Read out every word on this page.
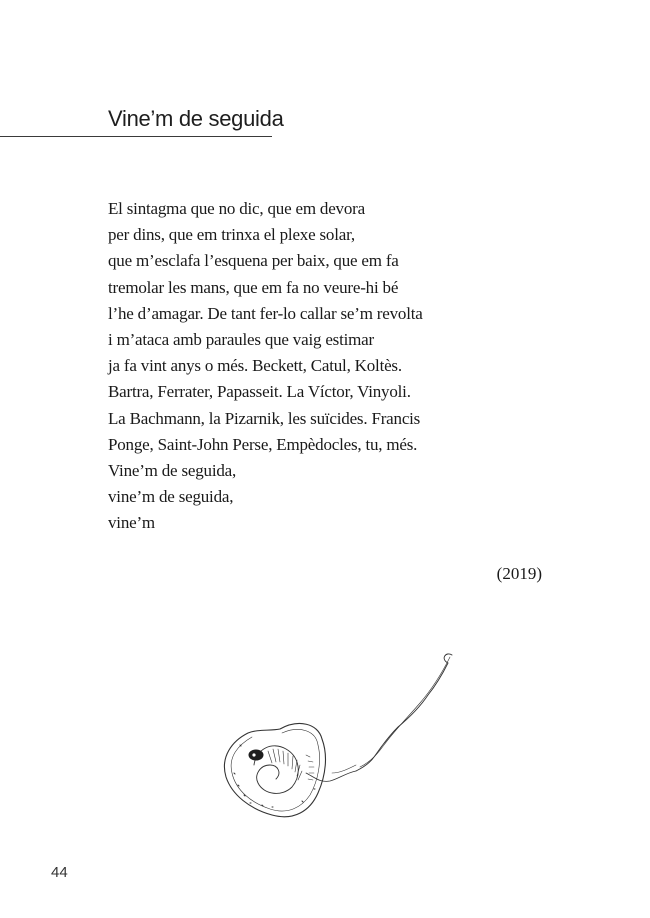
Vine’m de seguida
El sintagma que no dic, que em devora
per dins, que em trinxa el plexe solar,
que m’esclafa l’esquena per baix, que em fa
tremolar les mans, que em fa no veure-hi bé
l’he d’amagar. De tant fer-lo callar se’m revolta
i m’ataca amb paraules que vaig estimar
ja fa vint anys o més. Beckett, Catul, Koltès.
Bartra, Ferrater, Papasseit. La Víctor, Vinyoli.
La Bachmann, la Pizarnik, les suïcides. Francis
Ponge, Saint-John Perse, Empèdocles, tu, més.
Vine’m de seguida,
vine’m de seguida,
vine’m
(2019)
44
